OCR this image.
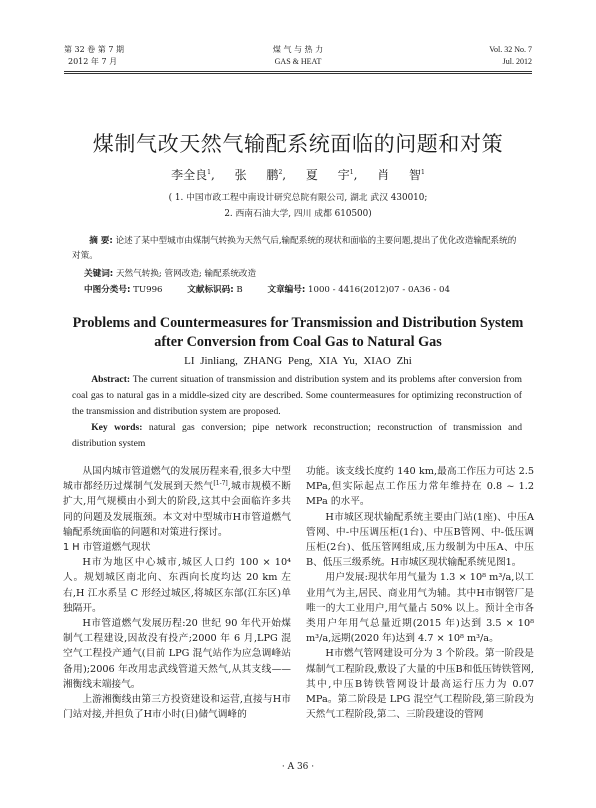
第 32 卷 第 7 期
2012 年 7 月
煤 气 与 热 力
GAS & HEAT
Vol. 32 No. 7
Jul. 2012
煤制气改天然气输配系统面临的问题和对策
李全良$^1$, 张 鹏$^2$, 夏 宇$^1$, 肖 智$^1$
( 1. 中国市政工程中南设计研究总院有限公司, 湖北 武汉 430010;
2. 西南石油大学, 四川 成都 610500)
摘 要: 论述了某中型城市由煤制气转换为天然气后,输配系统的现状和面临的主要问题,提出了优化改造输配系统的对策。
关键词: 天然气转换; 管网改造; 输配系统改造
中图分类号: TU996	文献标识码: B	文章编号: 1000 - 4416(2012)07 - 0A36 - 04
Problems and Countermeasures for Transmission and Distribution System
after Conversion from Coal Gas to Natural Gas
LI Jinliang, ZHANG Peng, XIA Yu, XIAO Zhi
Abstract: The current situation of transmission and distribution system and its problems after conversion from coal gas to natural gas in a middle-sized city are described. Some countermeasures for optimizing reconstruction of the transmission and distribution system are proposed.
Key words: natural gas conversion; pipe network reconstruction; reconstruction of transmission and distribution system

从国内城市管道燃气的发展历程来看,很多大中型城市都经历过煤制气发展到天然气[1-7],城市规模不断扩大,用气规模由小到大的阶段,这其中会面临许多共同的问题及发展瓶颈。本文对中型城市H市管道燃气输配系统面临的问题和对策进行探讨。

1 H 市管道燃气现状

H市为地区中心城市,城区人口约 100 × 10⁴ 人。规划城区南北向、东西向长度均达 20 km 左右,H 江水系呈 C 形经过城区,将城区东部(江东区)单独隔开。

H市管道燃气发展历程:20 世纪 90 年代开始煤制气工程建设,因故没有投产;2000 年 6 月,LPG 混空气工程投产通气(目前 LPG 混气站作为应急调峰站备用);2006 年改用忠武线管道天然气,从其支线——湘衡线末端接气。

上游湘衡线由第三方投资建设和运营,直接与H市门站对接,并担负了H市小时(日)储气调峰的

功能。该支线长度约 140 km,最高工作压力可达 2.5 MPa,但实际起点工作压力常年维持在 0.8 ~ 1.2 MPa 的水平。

H市城区现状输配系统主要由门站(1座)、中压A管网、中-中压调压柜(1台)、中压B管网、中-低压调压柜(2台)、低压管网组成,压力级制为中压A、中压B、低压三级系统。H市城区现状输配系统见图1。

用户发展:现状年用气量为 1.3 × 10⁸ m³/a,以工业用气为主,居民、商业用气为辅。其中H市钢管厂是唯一的大工业用户,用气量占 50% 以上。预计全市各类用户年用气总量近期(2015 年)达到 3.5 × 10⁸ m³/a,远期(2020 年)达到 4.7 × 10⁸ m³/a。

H市燃气管网建设可分为 3 个阶段。第一阶段是煤制气工程阶段,敷设了大量的中压B和低压铸铁管网,其中,中压B铸铁管网设计最高运行压力为 0.07 MPa。第二阶段是 LPG 混空气工程阶段,第三阶段为天然气工程阶段,第二、三阶段建设的管网

· A 36 ·
